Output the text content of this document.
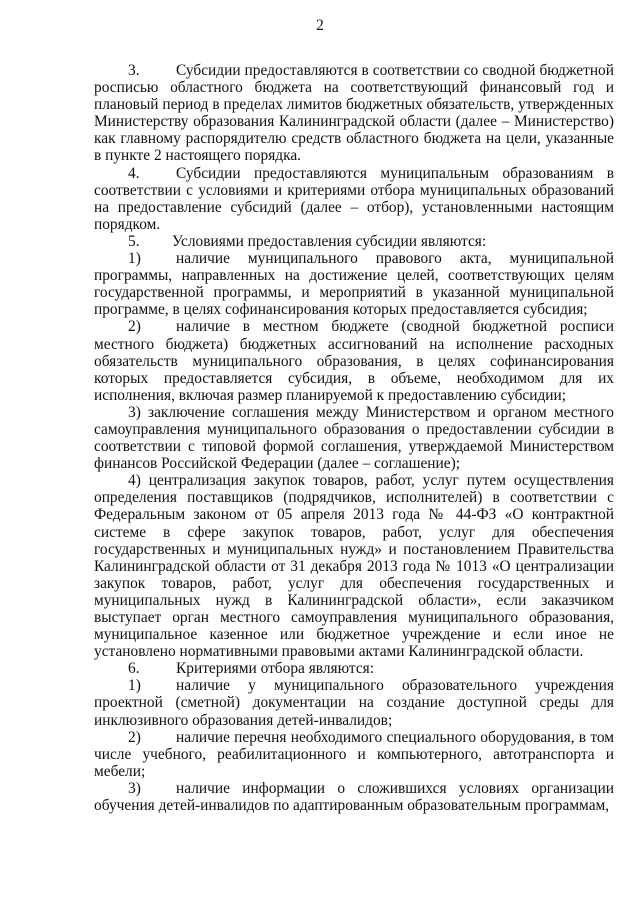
2

3. Субсидии предоставляются в соответствии со сводной бюджетной росписью областного бюджета на соответствующий финансовый год и плановый период в пределах лимитов бюджетных обязательств, утвержденных Министерству образования Калининградской области (далее – Министерство) как главному распорядителю средств областного бюджета на цели, указанные в пункте 2 настоящего порядка.

4. Субсидии предоставляются муниципальным образованиям в соответствии с условиями и критериями отбора муниципальных образований на предоставление субсидий (далее – отбор), установленными настоящим порядком.

5. Условиями предоставления субсидии являются:

1) наличие муниципального правового акта, муниципальной программы, направленных на достижение целей, соответствующих целям государственной программы, и мероприятий в указанной муниципальной программе, в целях софинансирования которых предоставляется субсидия;

2) наличие в местном бюджете (сводной бюджетной росписи местного бюджета) бюджетных ассигнований на исполнение расходных обязательств муниципального образования, в целях софинансирования которых предоставляется субсидия, в объеме, необходимом для их исполнения, включая размер планируемой к предоставлению субсидии;

3) заключение соглашения между Министерством и органом местного самоуправления муниципального образования о предоставлении субсидии в соответствии с типовой формой соглашения, утверждаемой Министерством финансов Российской Федерации (далее – соглашение);

4) централизация закупок товаров, работ, услуг путем осуществления определения поставщиков (подрядчиков, исполнителей) в соответствии с Федеральным законом от 05 апреля 2013 года № 44-ФЗ «О контрактной системе в сфере закупок товаров, работ, услуг для обеспечения государственных и муниципальных нужд» и постановлением Правительства Калининградской области от 31 декабря 2013 года № 1013 «О централизации закупок товаров, работ, услуг для обеспечения государственных и муниципальных нужд в Калининградской области», если заказчиком выступает орган местного самоуправления муниципального образования, муниципальное казенное или бюджетное учреждение и если иное не установлено нормативными правовыми актами Калининградской области.

6. Критериями отбора являются:

1) наличие у муниципального образовательного учреждения проектной (сметной) документации на создание доступной среды для инклюзивного образования детей-инвалидов;

2) наличие перечня необходимого специального оборудования, в том числе учебного, реабилитационного и компьютерного, автотранспорта и мебели;

3) наличие информации о сложившихся условиях организации обучения детей-инвалидов по адаптированным образовательным программам,
